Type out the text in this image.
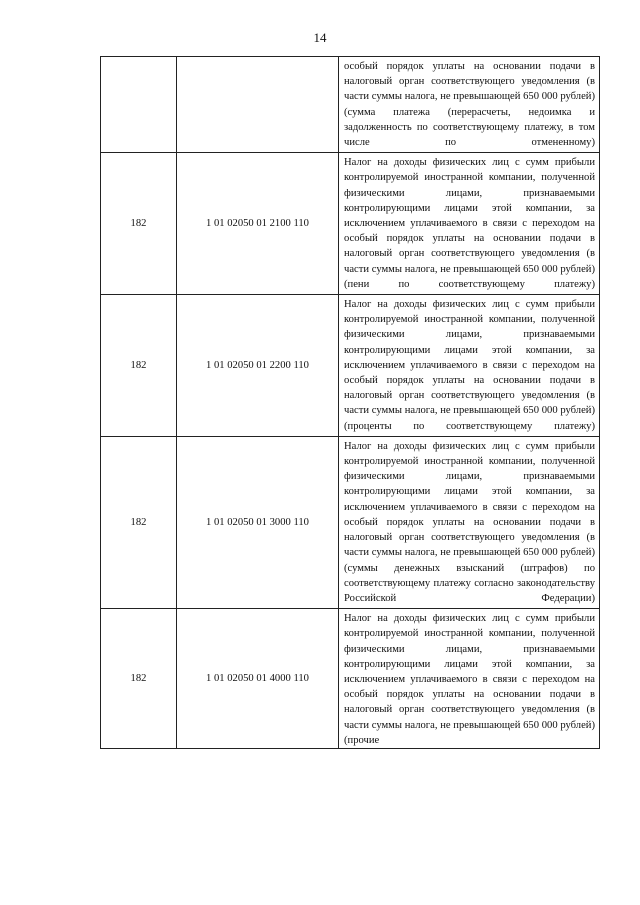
14
		особый порядок уплаты на основании подачи в налоговый орган соответствующего уведомления (в части суммы налога, не превышающей 650 000 рублей) (сумма платежа (перерасчеты, недоимка и задолженность по соответствующему платежу, в том числе по отмененному)
182	1 01 02050 01 2100 110	Налог на доходы физических лиц с сумм прибыли контролируемой иностранной компании, полученной физическими лицами, признаваемыми контролирующими лицами этой компании, за исключением уплачиваемого в связи с переходом на особый порядок уплаты на основании подачи в налоговый орган соответствующего уведомления (в части суммы налога, не превышающей 650 000 рублей) (пени по соответствующему платежу)
182	1 01 02050 01 2200 110	Налог на доходы физических лиц с сумм прибыли контролируемой иностранной компании, полученной физическими лицами, признаваемыми контролирующими лицами этой компании, за исключением уплачиваемого в связи с переходом на особый порядок уплаты на основании подачи в налоговый орган соответствующего уведомления (в части суммы налога, не превышающей 650 000 рублей) (проценты по соответствующему платежу)
182	1 01 02050 01 3000 110	Налог на доходы физических лиц с сумм прибыли контролируемой иностранной компании, полученной физическими лицами, признаваемыми контролирующими лицами этой компании, за исключением уплачиваемого в связи с переходом на особый порядок уплаты на основании подачи в налоговый орган соответствующего уведомления (в части суммы налога, не превышающей 650 000 рублей) (суммы денежных взысканий (штрафов) по соответствующему платежу согласно законодательству Российской Федерации)
182	1 01 02050 01 4000 110	Налог на доходы физических лиц с сумм прибыли контролируемой иностранной компании, полученной физическими лицами, признаваемыми контролирующими лицами этой компании, за исключением уплачиваемого в связи с переходом на особый порядок уплаты на основании подачи в налоговый орган соответствующего уведомления (в части суммы налога, не превышающей 650 000 рублей) (прочие
